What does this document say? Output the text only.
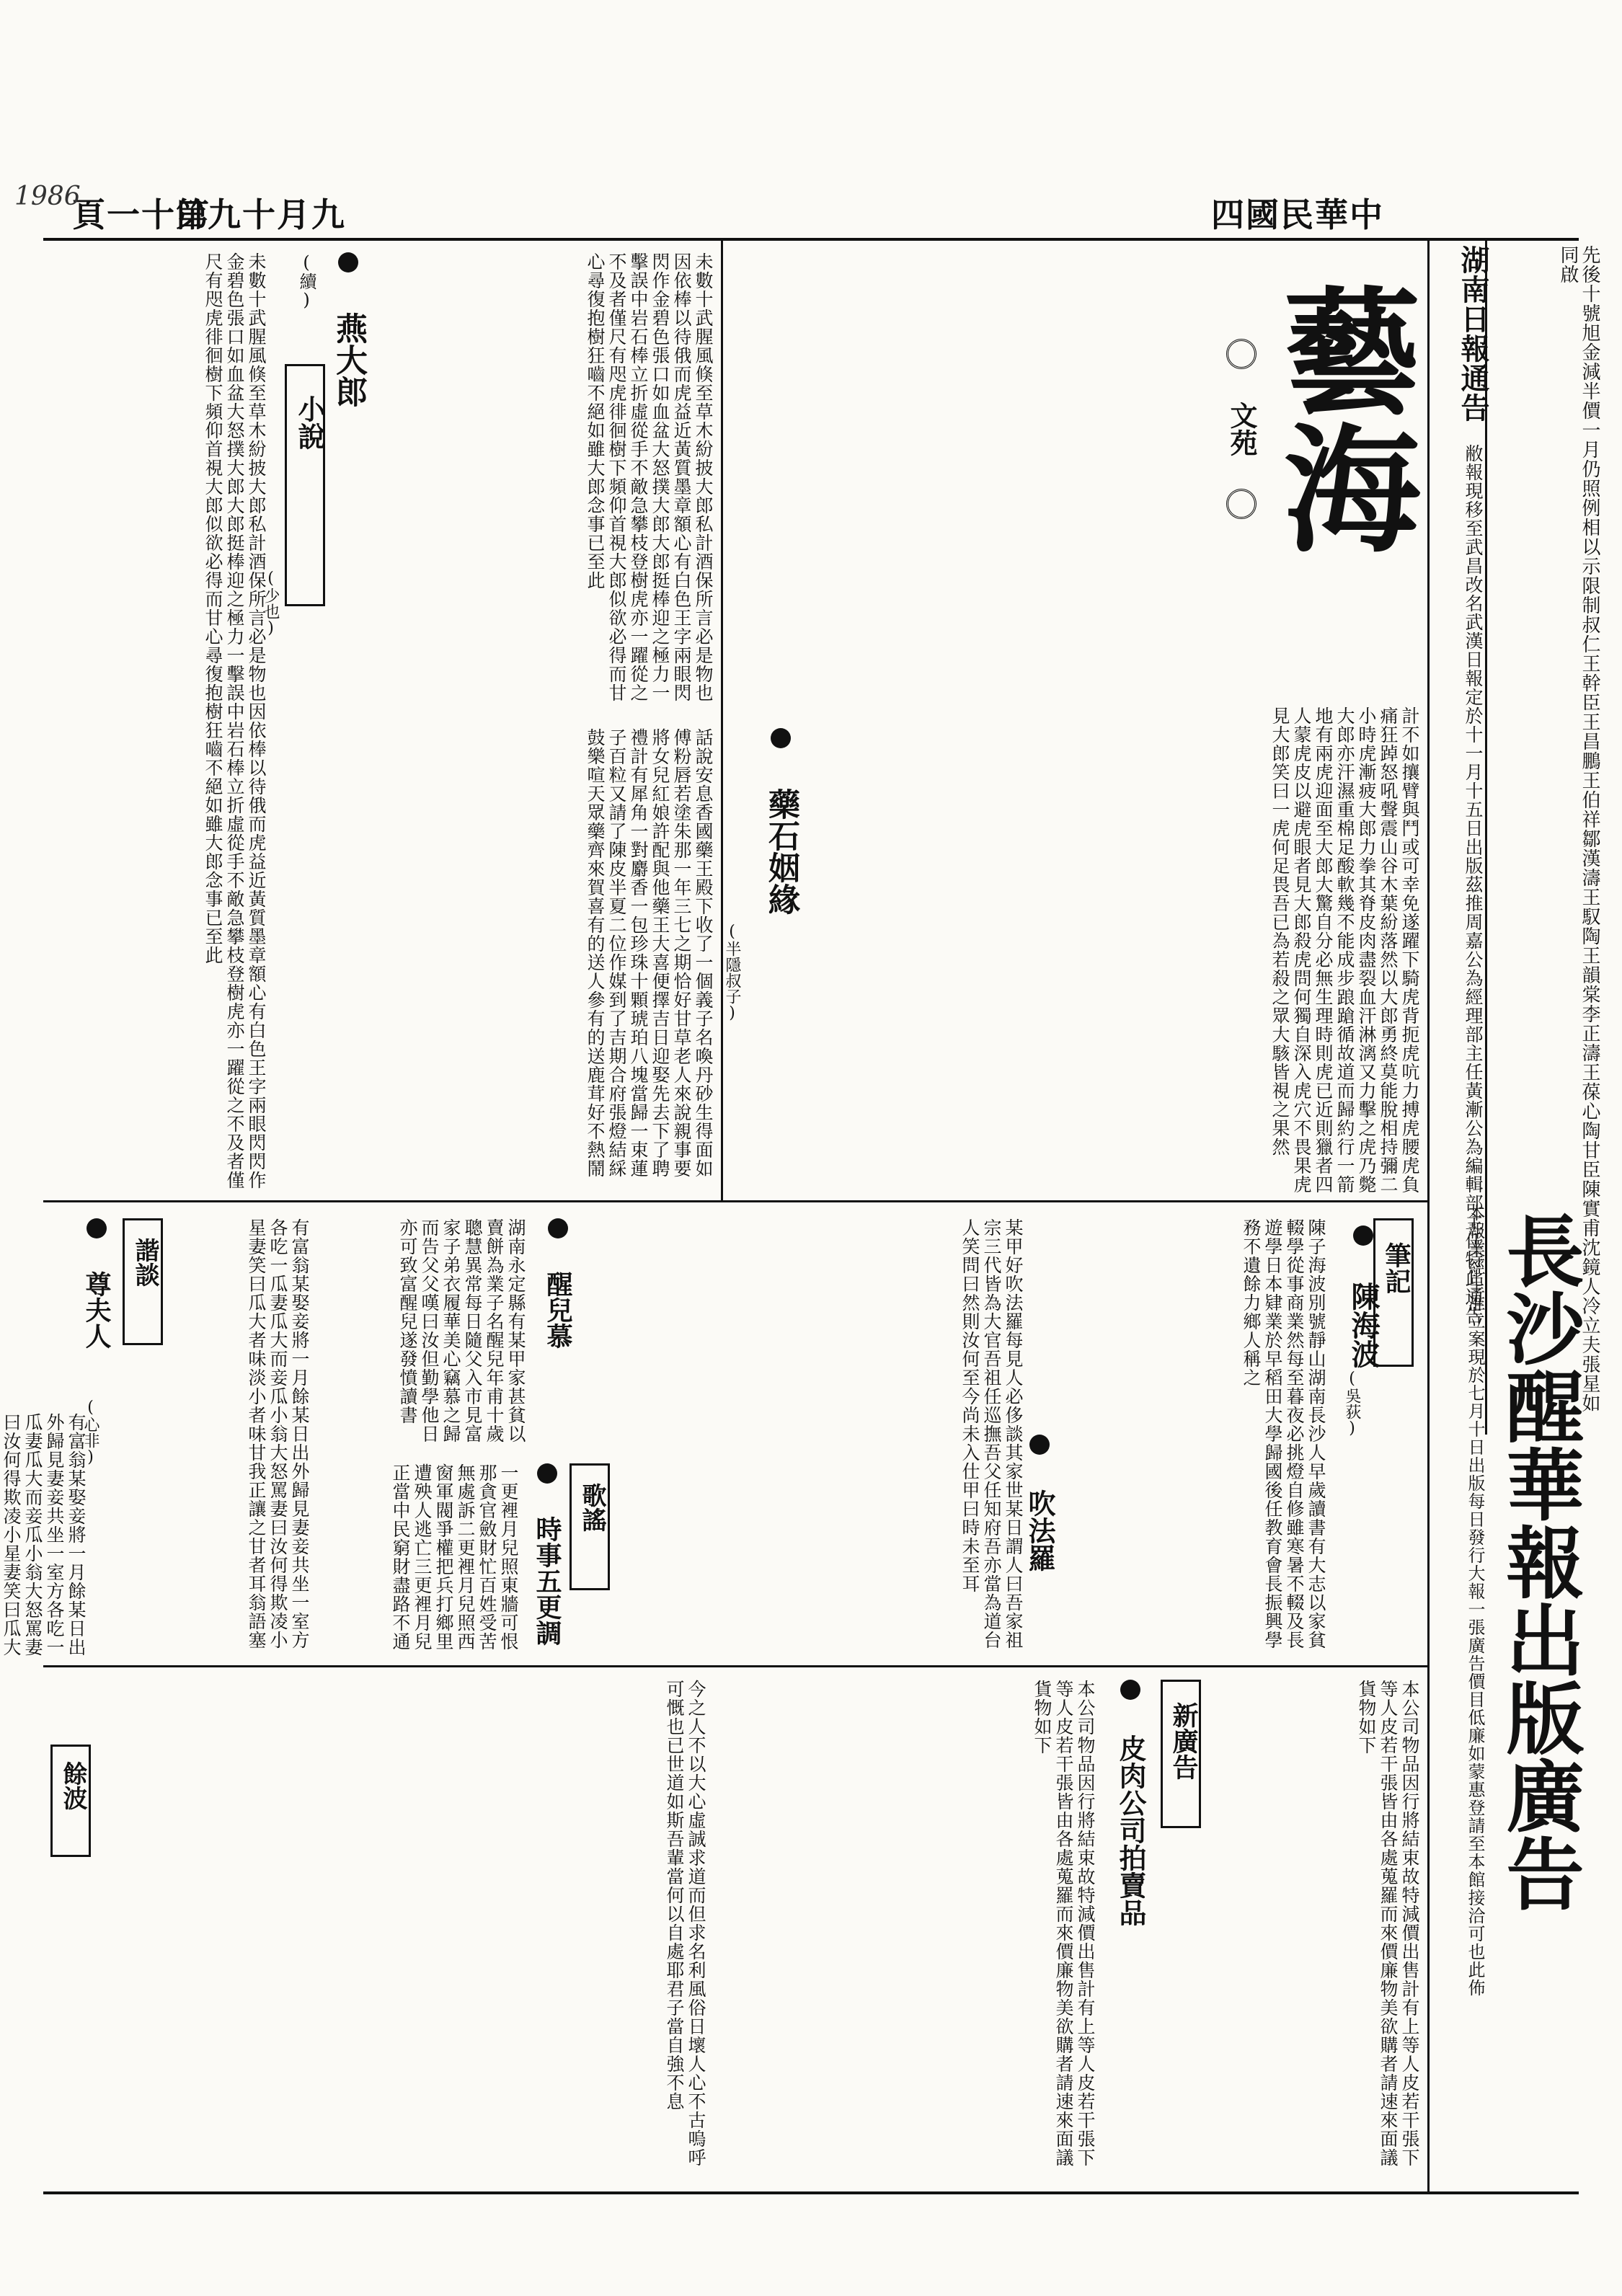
日九十月九
頁一十第
1986	四國民華中
先後十號旭金減半價一月仍照例相以示限制叔仁王幹臣王昌鵬王伯祥鄒漢濤王馭陶王韻棠李正濤王葆心陶甘臣陳實甫沈鏡人冷立夫張星如同啟
湖南日報通告 敝報現移至武昌改名武漢日報定於十一月十五日出版茲推周嘉公為經理部主任黃漸公為編輯部主任特此通告
本報業經呈准立案現於七月十日出版每日發行大報一張廣告價目低廉如蒙惠登請至本館接洽可也此佈 長沙醒華報出版廣告
藝海
文苑
計不如攘臂與鬥或可幸免遂躍下騎虎背扼虎吭力搏虎腰虎負痛狂踔怒吼聲震山谷木葉紛落然以大郎勇終莫能脫相持彌二小時虎漸疲大郎力拳其脊皮肉盡裂血汗淋漓又力擊之虎乃斃大郎亦汗濕重棉足酸軟幾不能成步踉蹌循故道而歸約行一箭地有兩虎迎面至大郎大驚自分必無生理時則虎已近則獵者四人蒙虎皮以避虎眼者見大郎殺虎問何獨自深入虎穴不畏果虎見大郎笑曰一虎何足畏吾已為若殺之眾大駭皆視之果然
小說
(少也)
燕大郎 (續)
未數十武腥風倏至草木紛披大郎私計酒保所言必是物也因依棒以待俄而虎益近黃質墨章額心有白色王字兩眼閃閃作金碧色張口如血盆大怒撲大郎大郎挺棒迎之極力一擊誤中岩石棒立折虛從手不敵急攀枝登樹虎亦一躍從之不及者僅尺有咫虎徘徊樹下頻仰首視大郎似欲必得而甘心尋復抱樹狂嚙不絕如雖大郎念事已至此	藥石姻緣
(半隱叔子)
話說安息香國藥王殿下收了一個義子名喚丹砂生得面如傅粉唇若塗朱那一年三七之期恰好甘草老人來說親事要將女兒紅娘許配與他藥王大喜便擇吉日迎娶先去下了聘禮計有犀角一對麝香一包珍珠十顆琥珀八塊當歸一束蓮子百粒又請了陳皮半夏二位作媒到了吉期合府張燈結綵鼓樂喧天眾藥齊來賀喜有的送人參有的送鹿茸好不熱鬧
未數十武腥風倏至草木紛披大郎私計酒保所言必是物也因依棒以待俄而虎益近黃質墨章額心有白色王字兩眼閃閃作金碧色張口如血盆大怒撲大郎大郎挺棒迎之極力一擊誤中岩石棒立折虛從手不敵急攀枝登樹虎亦一躍從之不及者僅尺有咫虎徘徊樹下頻仰首視大郎似欲必得而甘心尋復抱樹狂嚙不絕如雖大郎念事已至此
筆記
陳海波
(吳荻)
陳子海波別號靜山湖南長沙人早歲讀書有大志以家貧輟學從事商業然每至暮夜必挑燈自修雖寒暑不輟及長遊學日本肄業於早稻田大學歸國後任教育會長振興學務不遺餘力鄉人稱之
某甲好吹法羅每見人必侈談其家世某日謂人曰吾家祖宗三代皆為大官吾祖任巡撫吾父任知府吾亦當為道台人笑問曰然則汝何至今尚未入仕甲曰時未至耳	吹法羅
歌謠
時事五更調
一更裡月兒照東牆可恨那貪官斂財忙百姓受苦無處訴二更裡月兒照西窗軍閥爭權把兵打鄉里遭殃人逃亡三更裡月兒正當中民窮財盡路不通
醒兒慕
湖南永定縣有某甲家甚貧以賣餅為業子名醒兒年甫十歲聰慧異常每日隨父入市見富家子弟衣履華美心竊慕之歸而告父父嘆曰汝但勤學他日亦可致富醒兒遂發憤讀書
諧談
尊夫人
(心非)	有富翁某娶妾將一月餘某日出外歸見妻妾共坐一室方各吃一瓜妻瓜大而妾瓜小翁大怒罵妻曰汝何得欺凌小星妻笑曰瓜大者味淡小者味甘我正讓之甘者耳翁語塞
有富翁某娶妾將一月餘某日出外歸見妻妾共坐一室方各吃一瓜妻瓜大而妾瓜小翁大怒罵妻曰汝何得欺凌小星妻笑曰瓜大
新廣告
皮肉公司拍賣品	本公司物品因行將結束故特減價出售計有上等人皮若干張下等人皮若干張皆由各處蒐羅而來價廉物美欲購者請速來面議貨物如下
本公司物品因行將結束故特減價出售計有上等人皮若干張下等人皮若干張皆由各處蒐羅而來價廉物美欲購者請速來面議貨物如下
餘波	今之人不以大心虛誠求道而但求名利風俗日壞人心不古嗚呼可慨也已世道如斯吾輩當何以自處耶君子當自強不息
